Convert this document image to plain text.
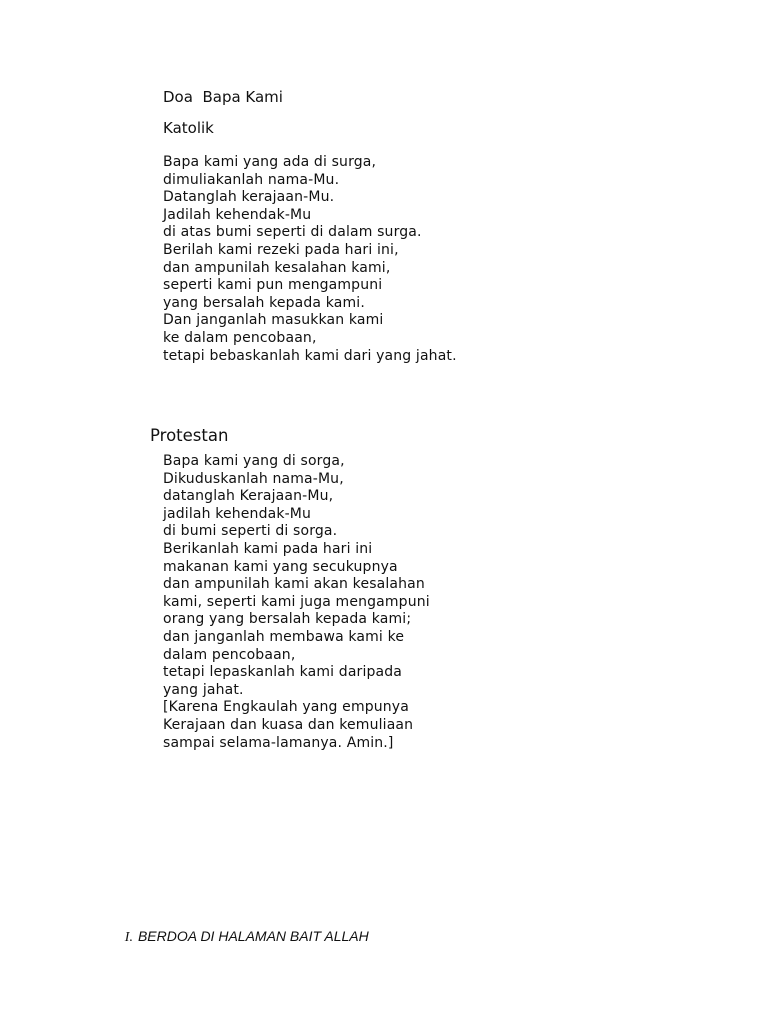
Doa  Bapa Kami
Katolik
Bapa kami yang ada di surga,
dimuliakanlah nama-Mu.
Datanglah kerajaan-Mu.
Jadilah kehendak-Mu
di atas bumi seperti di dalam surga.
Berilah kami rezeki pada hari ini,
dan ampunilah kesalahan kami,
seperti kami pun mengampuni
yang bersalah kepada kami.
Dan janganlah masukkan kami
ke dalam pencobaan,
tetapi bebaskanlah kami dari yang jahat.
Protestan
Bapa kami yang di sorga,
Dikuduskanlah nama-Mu,
datanglah Kerajaan-Mu,
jadilah kehendak-Mu
di bumi seperti di sorga.
Berikanlah kami pada hari ini
makanan kami yang secukupnya
dan ampunilah kami akan kesalahan
kami, seperti kami juga mengampuni
orang yang bersalah kepada kami;
dan janganlah membawa kami ke
dalam pencobaan,
tetapi lepaskanlah kami daripada
yang jahat.
[Karena Engkaulah yang empunya
Kerajaan dan kuasa dan kemuliaan
sampai selama-lamanya. Amin.]

I. BERDOA DI HALAMAN BAIT ALLAH
